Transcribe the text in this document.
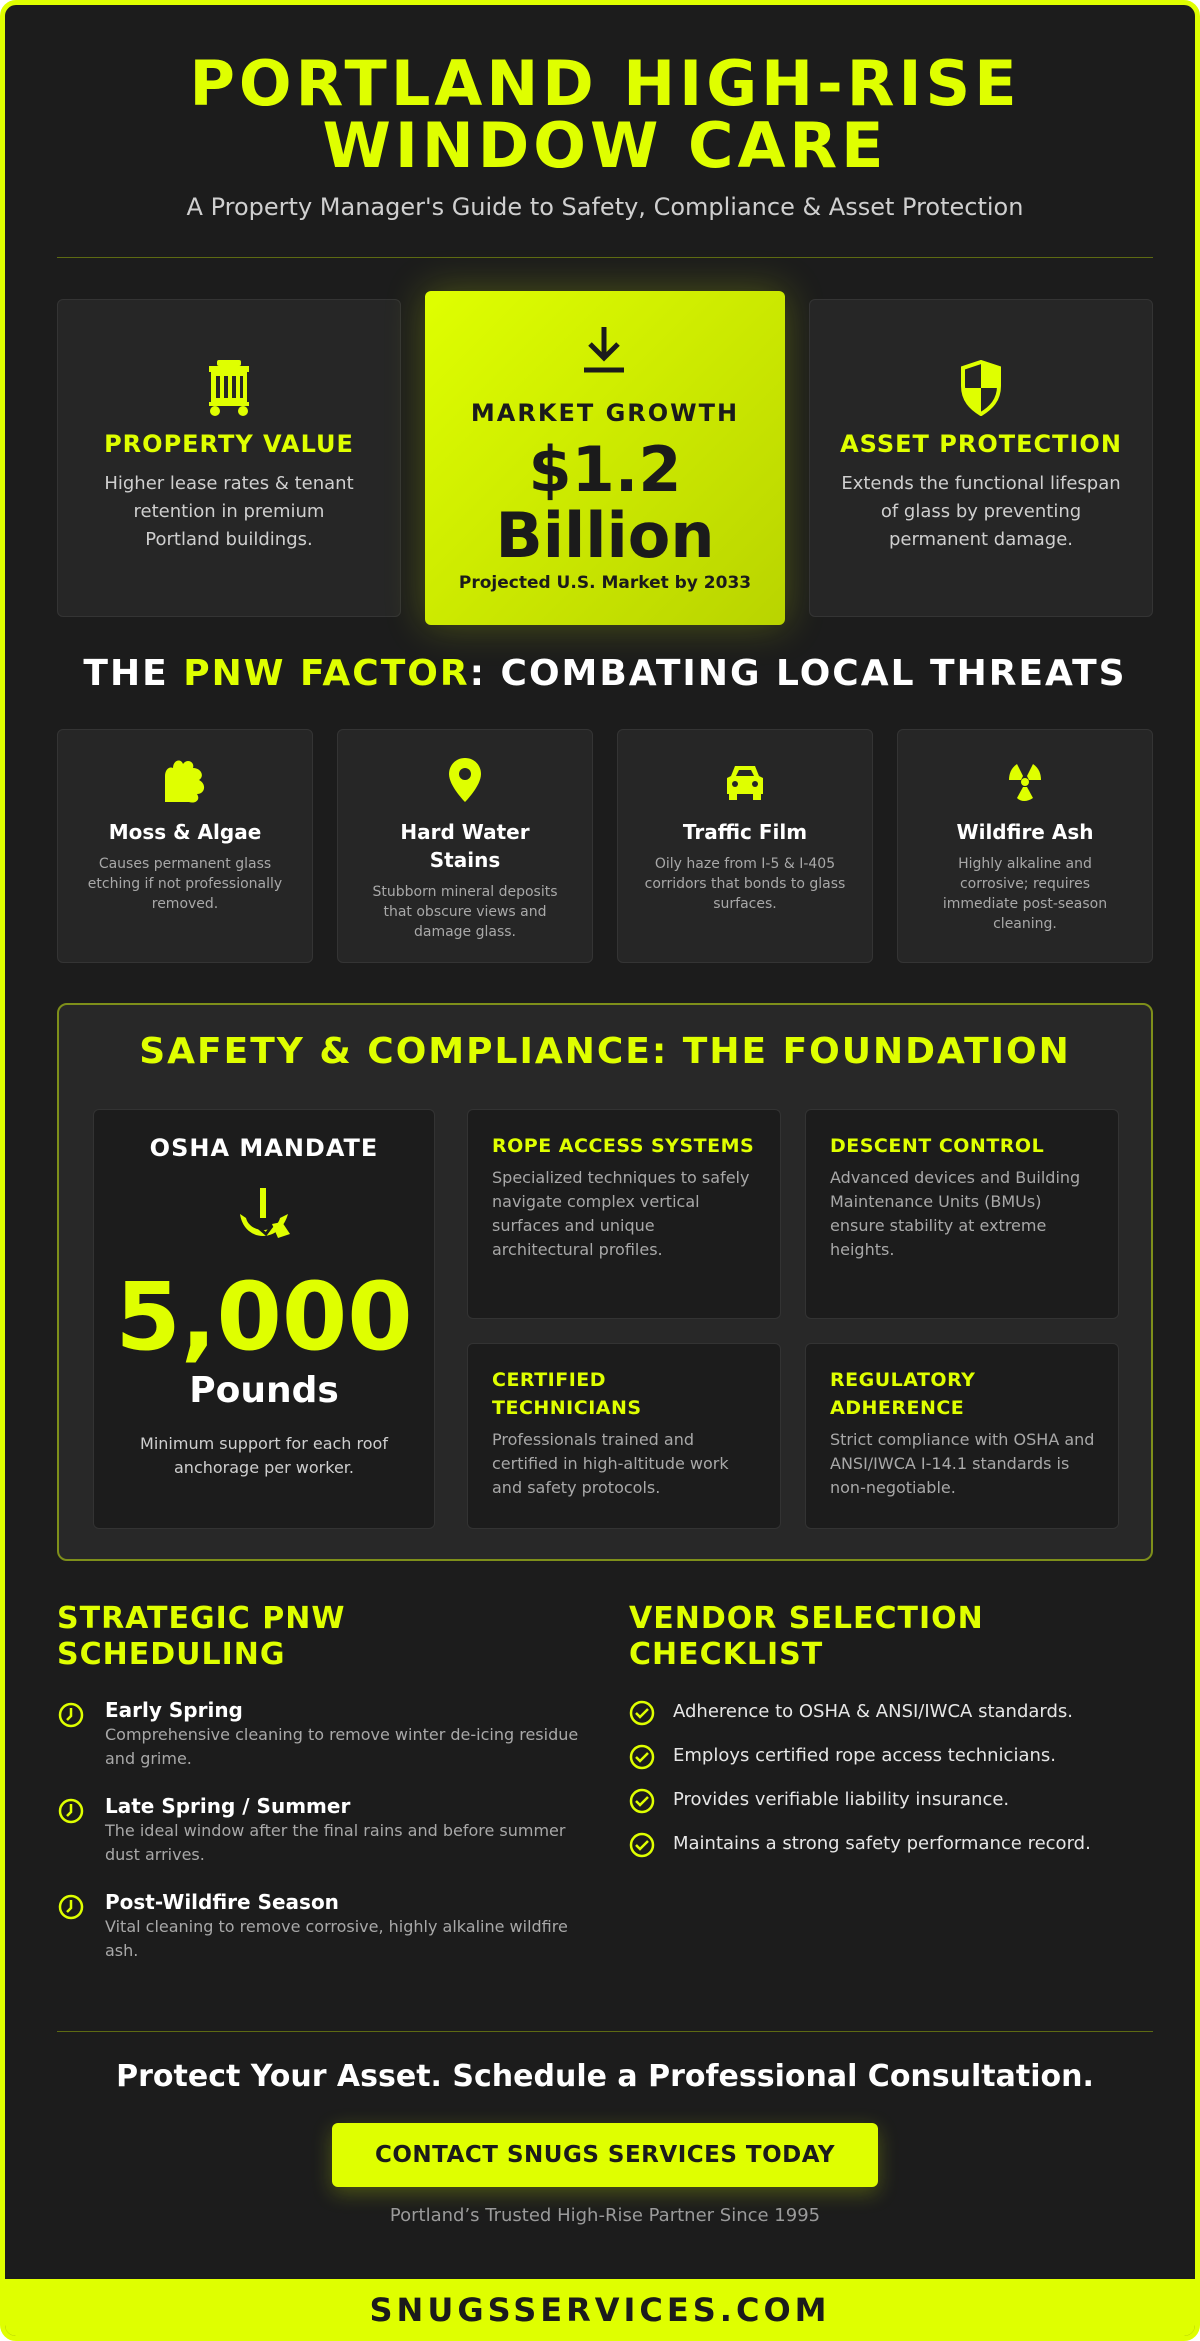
PORTLAND HIGH-RISE
WINDOW CARE
A Property Manager's Guide to Safety, Compliance & Asset Protection
PROPERTY VALUE

Higher lease rates & tenant retention in premium Portland buildings.

MARKET GROWTH
$1.2
Billion
Projected U.S. Market by 2033
ASSET PROTECTION

Extends the functional lifespan of glass by preventing permanent damage.

THE PNW FACTOR: COMBATING LOCAL THREATS
Moss & Algae

Causes permanent glass etching if not professionally removed.

Hard Water Stains

Stubborn mineral deposits that obscure views and damage glass.

Traffic Film

Oily haze from I-5 & I-405 corridors that bonds to glass surfaces.

Wildfire Ash

Highly alkaline and corrosive; requires immediate post-season cleaning.

SAFETY & COMPLIANCE: THE FOUNDATION
OSHA MANDATE
5,000
Pounds

Minimum support for each roof anchorage per worker.

ROPE ACCESS SYSTEMS

Specialized techniques to safely navigate complex vertical surfaces and unique architectural profiles.

DESCENT CONTROL

Advanced devices and Building Maintenance Units (BMUs) ensure stability at extreme heights.

CERTIFIED TECHNICIANS

Professionals trained and certified in high-altitude work and safety protocols.

REGULATORY ADHERENCE

Strict compliance with OSHA and ANSI/IWCA I-14.1 standards is non-negotiable.

STRATEGIC PNW SCHEDULING
Early Spring

Comprehensive cleaning to remove winter de-icing residue and grime.

Late Spring / Summer

The ideal window after the final rains and before summer dust arrives.

Post-Wildfire Season

Vital cleaning to remove corrosive, highly alkaline wildfire ash.

VENDOR SELECTION CHECKLIST
Adherence to OSHA & ANSI/IWCA standards.
Employs certified rope access technicians.
Provides verifiable liability insurance.
Maintains a strong safety performance record.
Protect Your Asset. Schedule a Professional Consultation.
CONTACT SNUGS SERVICES TODAY
Portland’s Trusted High-Rise Partner Since 1995
SNUGSSERVICES.COM
